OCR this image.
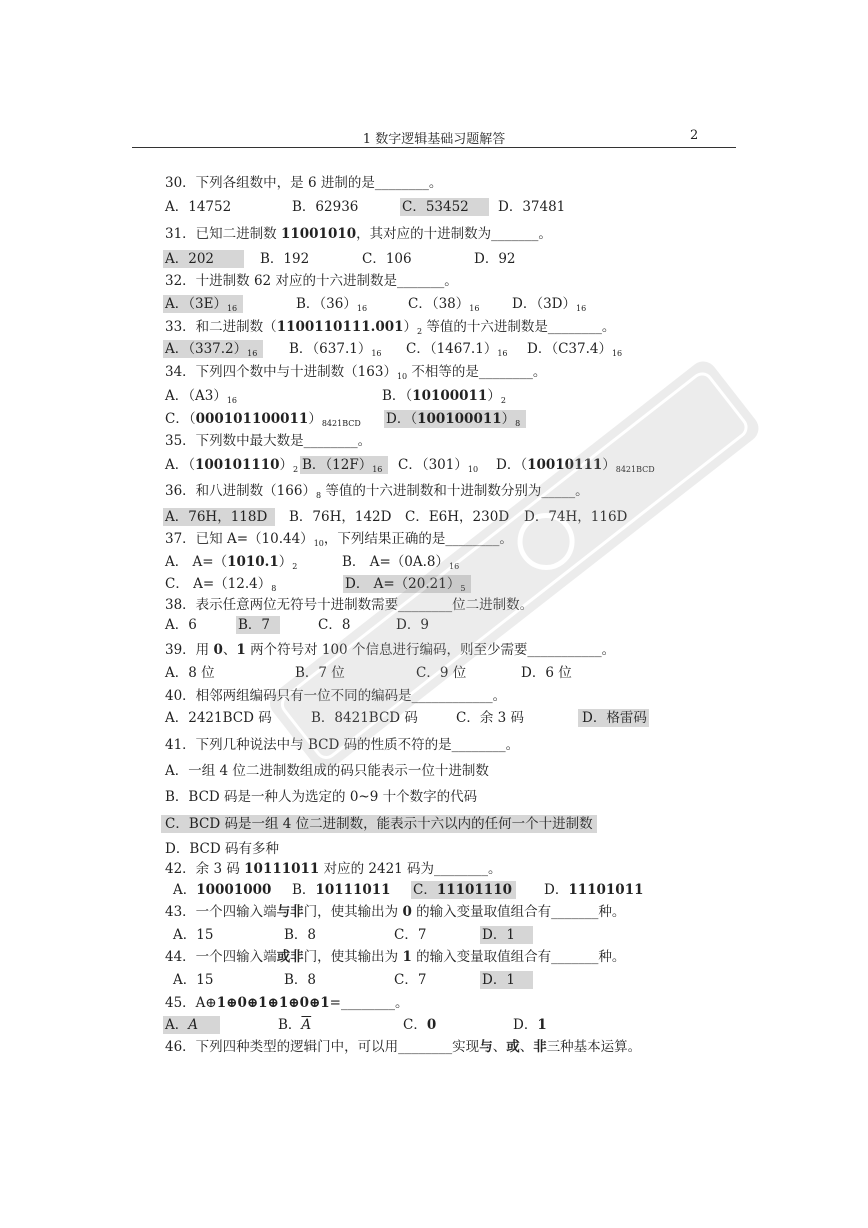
1 数字逻辑基础习题解答	2
30．下列各组数中，是 6 进制的是________。
A．14752	B．62936	C．53452	D．37481
31．已知二进制数 11001010，其对应的十进制数为_______。
A．202	B．192	C．106	D．92
32．十进制数 62 对应的十六进制数是_______。
A．$(3E)_{16}$	B．$(36)_{16}$	C．$(38)_{16}$ D．$(3D)_{16}$
33．和二进制数$(1100110111.001)_2$ 等值的十六进制数是________。
A．$(337.2)_{16}$	B．$(637.1)_{16}$ C．$(1467.1)_{16}$ D．$(C37.4)_{16}$
34．下列四个数中与十进制数$(163)_{10}$ 不相等的是________。
A．$(A3)_{16}$	B．$(10100011)_2$
C．$(000101100011)_{8421BCD}$ D．$(100100011)_8$
35．下列数中最大数是________。
A．$(100101110)_2$ B．$(12F)_{16}$	C．$(301)_{10}$ D．$(10010111)_{8421BCD}$
36．和八进制数$(166)_8$ 等值的十六进制数和十进制数分别为_____。
A．76H，118D	B．76H，142D C．E6H，230D D．74H，116D
37．已知 $A=(10.44)_{10}$，下列结果正确的是________。
A． $A=(1010.1)_2$	B． $A=(0A.8)_{16}$
C． $A=(12.4)_8$	D． $A=(20.21)_5$
38．表示任意两位无符号十进制数需要________位二进制数。
A．6	B．7	C．8	D．9
39．用 0、1 两个符号对 100 个信息进行编码，则至少需要___________。
A．8 位	B．7 位	C．9 位	D．6 位
40．相邻两组编码只有一位不同的编码是____________。
A．2421BCD 码	B．8421BCD 码	C．余 3 码	D．格雷码
41．下列几种说法中与 BCD 码的性质不符的是________。
A．一组 4 位二进制数组成的码只能表示一位十进制数
B．BCD 码是一种人为选定的 0~9 十个数字的代码
C．BCD 码是一组 4 位二进制数，能表示十六以内的任何一个十进制数
D．BCD 码有多种
42．余 3 码 10111011 对应的 2421 码为________。
A．10001000 B．10111011 C．11101110 D．11101011
43．一个四输入端与非门，使其输出为 0 的输入变量取值组合有_______种。
A．15	B．8	C．7	D．1
44．一个四输入端或非门，使其输出为 1 的输入变量取值组合有_______种。
A．15	B．8	C．7	D．1
45．A⊕1⊕0⊕1⊕1⊕0⊕1=________。
A．A	B．$\overline{A}$	C．0	D．1
46．下列四种类型的逻辑门中，可以用________实现与、或、非三种基本运算。
